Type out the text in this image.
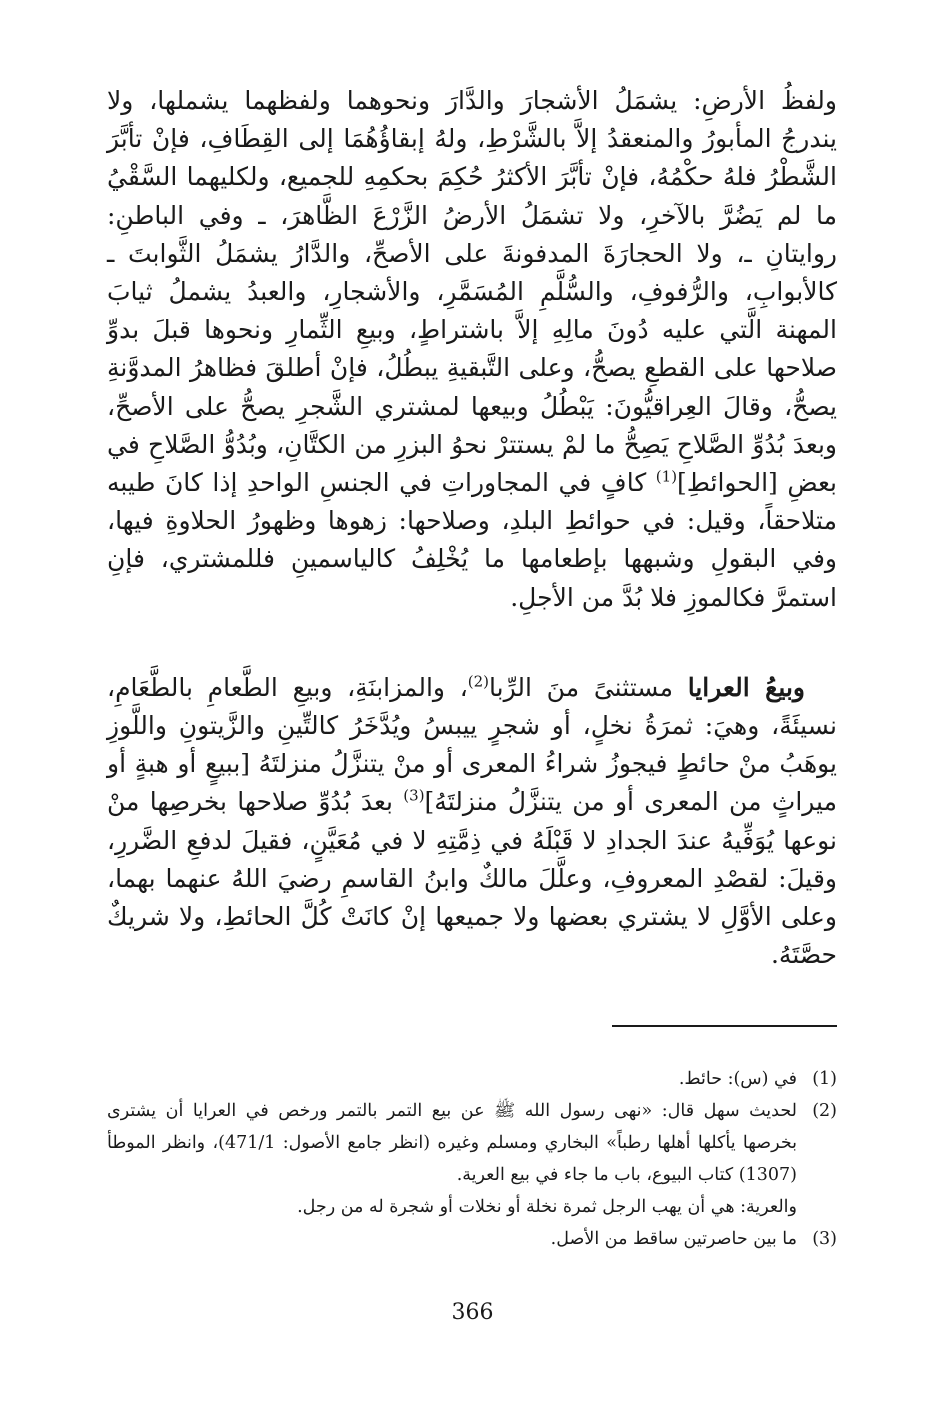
ولفظُ الأرضِ: يشمَلُ الأشجارَ والدَّارَ ونحوهما ولفظهما يشملها، ولا يندرجُ المأبورُ والمنعقدُ إلاَّ بالشَّرْطِ، ولهُ إبقاؤُهُمَا إلى القِطَافِ، فإنْ تأبَّرَ الشَّطْرُ فلهُ حكْمُهُ، فإنْ تأبَّرَ الأكثرُ حُكِمَ بحكمِهِ للجميع، ولكليهما السَّقْيُ ما لم يَضُرَّ بالآخرِ، ولا تشمَلُ الأرضُ الزَّرْعَ الظَّاهرَ، ـ وفي الباطنِ: روايتانِ ـ، ولا الحجارَةَ المدفونةَ على الأصحِّ، والدَّارُ يشمَلُ الثَّوابتَ ـ كالأبوابِ، والرُّفوفِ، والسُّلَّمِ المُسَمَّرِ، والأشجارِ، والعبدُ يشملُ ثيابَ المهنة الَّتي عليه دُونَ مالِهِ إلاَّ باشتراطٍ، وبيعِ الثِّمارِ ونحوها قبلَ بدوِّ صلاحها على القطعِ يصحُّ، وعلى التَّبقيةِ يبطُلُ، فإنْ أطلقَ فظاهرُ المدوَّنةِ يصحُّ، وقالَ العِراقيُّونَ: يَبْطُلُ وبيعها لمشتري الشَّجرِ يصحُّ على الأصحِّ، وبعدَ بُدُوِّ الصَّلاحِ يَصِحُّ ما لمْ يستترْ نحوُ البزرِ من الكتَّانِ، وبُدُوُّ الصَّلاحِ في بعضِ [الحوائطِ]$^{(1)}$ كافٍ في المجاوراتِ في الجنسِ الواحدِ إذا كانَ طيبه متلاحقاً، وقيل: في حوائطِ البلدِ، وصلاحها: زهوها وظهورُ الحلاوةِ فيها، وفي البقولِ وشبهها بإطعامها ما يُخْلِفُ كالياسمينِ فللمشتري، فإنِ استمرَّ فكالموزِ فلا بُدَّ من الأجلِ.

وبيعُ العرايا مستثنىً منَ الرِّبا$^{(2)}$، والمزابنَةِ، وبيعِ الطَّعامِ بالطَّعَامِ، نسيئَةً، وهيَ: ثمرَةُ نخلٍ، أو شجرٍ ييبسُ ويُدَّخَرُ كالتِّينِ والزَّيتونِ واللَّوزِ يوهَبُ منْ حائطٍ فيجوزُ شراءُ المعرى أو منْ يتنزَّلُ منزلتَهُ [ببيعٍ أو هبةٍ أو ميراثٍ من المعرى أو من يتنزَّلُ منزلتَهُ]$^{(3)}$ بعدَ بُدُوِّ صلاحها بخرصِها منْ نوعها يُوَفِّيهُ عندَ الجدادِ لا قَبْلَهُ في ذِمَّتِهِ لا في مُعَيَّنٍ، فقيلَ لدفعِ الضَّررِ، وقيلَ: لقصْدِ المعروفِ، وعلَّلَ مالكٌ وابنُ القاسمِ رضيَ اللهُ عنهما بهما، وعلى الأوَّلِ لا يشتري بعضها ولا جميعها إنْ كانَتْ كُلَّ الحائطِ، ولا شريكٌ حصَّتَهُ.

(1)
في (س): حائط.
(2)
لحديث سهل قال: «نهى رسول الله ﷺ عن بيع التمر بالتمر ورخص في العرايا أن يشترى بخرصها يأكلها أهلها رطباً» البخاري ومسلم وغيره (انظر جامع الأصول: 471/1)، وانظر الموطأ (1307) كتاب البيوع، باب ما جاء في بيع العرية.
والعرية: هي أن يهب الرجل ثمرة نخلة أو نخلات أو شجرة له من رجل.
(3)
ما بين حاصرتين ساقط من الأصل.
366
